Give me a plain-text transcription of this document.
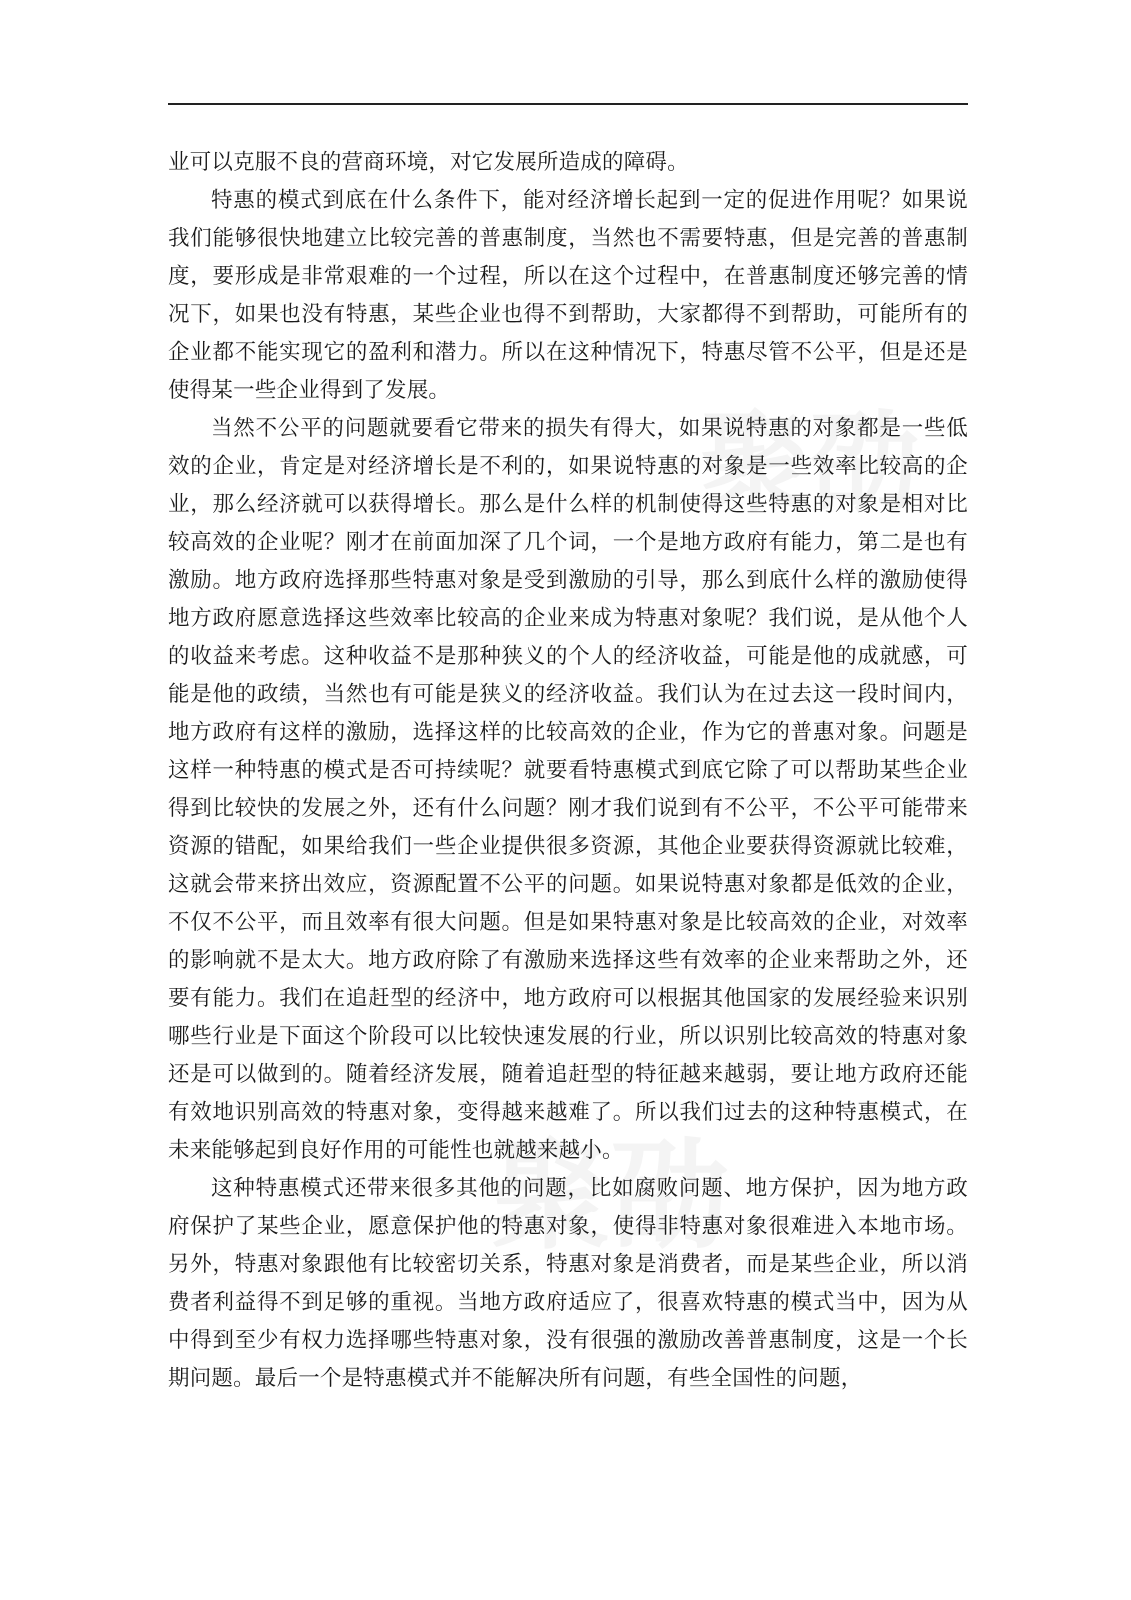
业可以克服不良的营商环境，对它发展所造成的障碍。

特惠的模式到底在什么条件下，能对经济增长起到一定的促进作用呢？如果说我们能够很快地建立比较完善的普惠制度，当然也不需要特惠，但是完善的普惠制度，要形成是非常艰难的一个过程，所以在这个过程中，在普惠制度还够完善的情况下，如果也没有特惠，某些企业也得不到帮助，大家都得不到帮助，可能所有的企业都不能实现它的盈利和潜力。所以在这种情况下，特惠尽管不公平，但是还是使得某一些企业得到了发展。

当然不公平的问题就要看它带来的损失有得大，如果说特惠的对象都是一些低效的企业，肯定是对经济增长是不利的，如果说特惠的对象是一些效率比较高的企业，那么经济就可以获得增长。那么是什么样的机制使得这些特惠的对象是相对比较高效的企业呢？刚才在前面加深了几个词，一个是地方政府有能力，第二是也有激励。地方政府选择那些特惠对象是受到激励的引导，那么到底什么样的激励使得地方政府愿意选择这些效率比较高的企业来成为特惠对象呢？我们说，是从他个人的收益来考虑。这种收益不是那种狭义的个人的经济收益，可能是他的成就感，可能是他的政绩，当然也有可能是狭义的经济收益。我们认为在过去这一段时间内，地方政府有这样的激励，选择这样的比较高效的企业，作为它的普惠对象。问题是这样一种特惠的模式是否可持续呢？就要看特惠模式到底它除了可以帮助某些企业得到比较快的发展之外，还有什么问题？刚才我们说到有不公平，不公平可能带来资源的错配，如果给我们一些企业提供很多资源，其他企业要获得资源就比较难，这就会带来挤出效应，资源配置不公平的问题。如果说特惠对象都是低效的企业，不仅不公平，而且效率有很大问题。但是如果特惠对象是比较高效的企业，对效率的影响就不是太大。地方政府除了有激励来选择这些有效率的企业来帮助之外，还要有能力。我们在追赶型的经济中，地方政府可以根据其他国家的发展经验来识别哪些行业是下面这个阶段可以比较快速发展的行业，所以识别比较高效的特惠对象还是可以做到的。随着经济发展，随着追赶型的特征越来越弱，要让地方政府还能有效地识别高效的特惠对象，变得越来越难了。所以我们过去的这种特惠模式，在未来能够起到良好作用的可能性也就越来越小。

这种特惠模式还带来很多其他的问题，比如腐败问题、地方保护，因为地方政府保护了某些企业，愿意保护他的特惠对象，使得非特惠对象很难进入本地市场。另外，特惠对象跟他有比较密切关系，特惠对象是消费者，而是某些企业，所以消费者利益得不到足够的重视。当地方政府适应了，很喜欢特惠的模式当中，因为从中得到至少有权力选择哪些特惠对象，没有很强的激励改善普惠制度，这是一个长期问题。最后一个是特惠模式并不能解决所有问题，有些全国性的问题，
